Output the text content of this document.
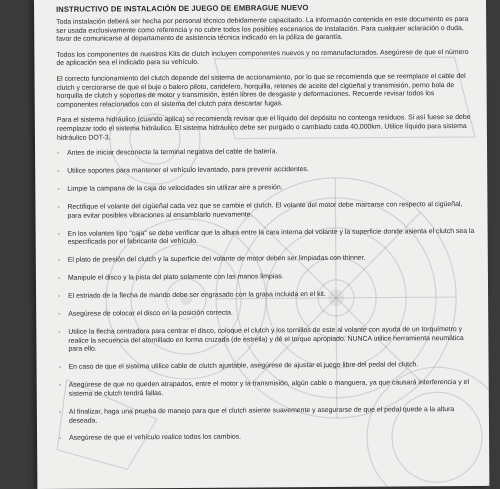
INSTRUCTIVO DE INSTALACIÓN DE JUEGO DE EMBRAGUE NUEVO

Toda instalación deberá ser hecha por personal técnico debidamente capacitado. La información contenida en este documento es para ser usada exclusivamente como referencia y no cubre todos los posibles escenarios de instalación. Para cualquier aclaración o duda, favor de comunicarse al departamento de asistencia técnica indicado en la póliza de garantía.

Todos los componentes de nuestros Kits de clutch incluyen componentes nuevos y no remanufacturados. Asegúrese de que el número de aplicación sea el indicado para su vehículo.

El correcto funcionamiento del clutch depende del sistema de accionamiento, por lo que se recomienda que se reemplace el cable del clutch y cerciorarse de que el buje o balero piloto, candelero, horquilla, retenes de aceite del cigüeñal y transmisión, perno bola de horquilla de clutch y soportes de motor y transmisión, estén libres de desgaste y deformaciones. Recuerde revisar todos los componentes relacionados con el sistema del clutch para descartar fugas.

Para el sistema hidráulico (cuando aplica) se recomienda revisar que el líquido del depósito no contenga residuos. Si así fuese se debe reemplazar todo el sistema hidráulico. El sistema hidráulico debe ser purgado o cambiado cada 40,000km. Utilice líquido para sistema hidráulico DOT-3.

- Antes de iniciar desconecte la terminal negativa del cable de batería.
- Utilice soportes para mantener el vehículo levantado, para prevenir accidentes.
- Limpie la campana de la caja de velocidades sin utilizar aire a presión.
- Rectifique el volante del cigüeñal cada vez que se cambie el clutch. El volante del motor debe marcarse con respecto al cigüeñal, para evitar posibles vibraciones al ensamblarlo nuevamente.
- En los volantes tipo "caja" se debe verificar que la altura entre la cara interna del volante y la superficie donde asienta el clutch sea la especificada por el fabricante del vehículo.
- El plato de presión del clutch y la superficie del volante de motor deben ser limpiadas con thinner.
- Manipule el disco y la pista del plato solamente con las manos limpias.
- El estriado de la flecha de mando debe ser engrasado con la grasa incluida en el kit.
- Asegúrese de colocar el disco en la posición correcta.
- Utilice la flecha centradora para centrar el disco, coloque el clutch y los tornillos de este al volante con ayuda de un torquímetro y realice la secuencia del atornillado en forma cruzada (de estrella) y dé el torque apropiado. NUNCA utilice herramienta neumática para ello.
- En caso de que el sistema utilice cable de clutch ajustable, asegúrese de ajustar el juego libre del pedal del clutch.
- Asegúrese de que no queden atrapados, entre el motor y la transmisión, algún cable o manguera, ya que causará interferencia y el sistema de clutch tendrá fallas.
- Al finalizar, haga una prueba de manejo para que el clutch asiente suavemente y asegurarse de que el pedal quede a la altura deseada.
- Asegúrese de que el vehículo realice todos los cambios.
